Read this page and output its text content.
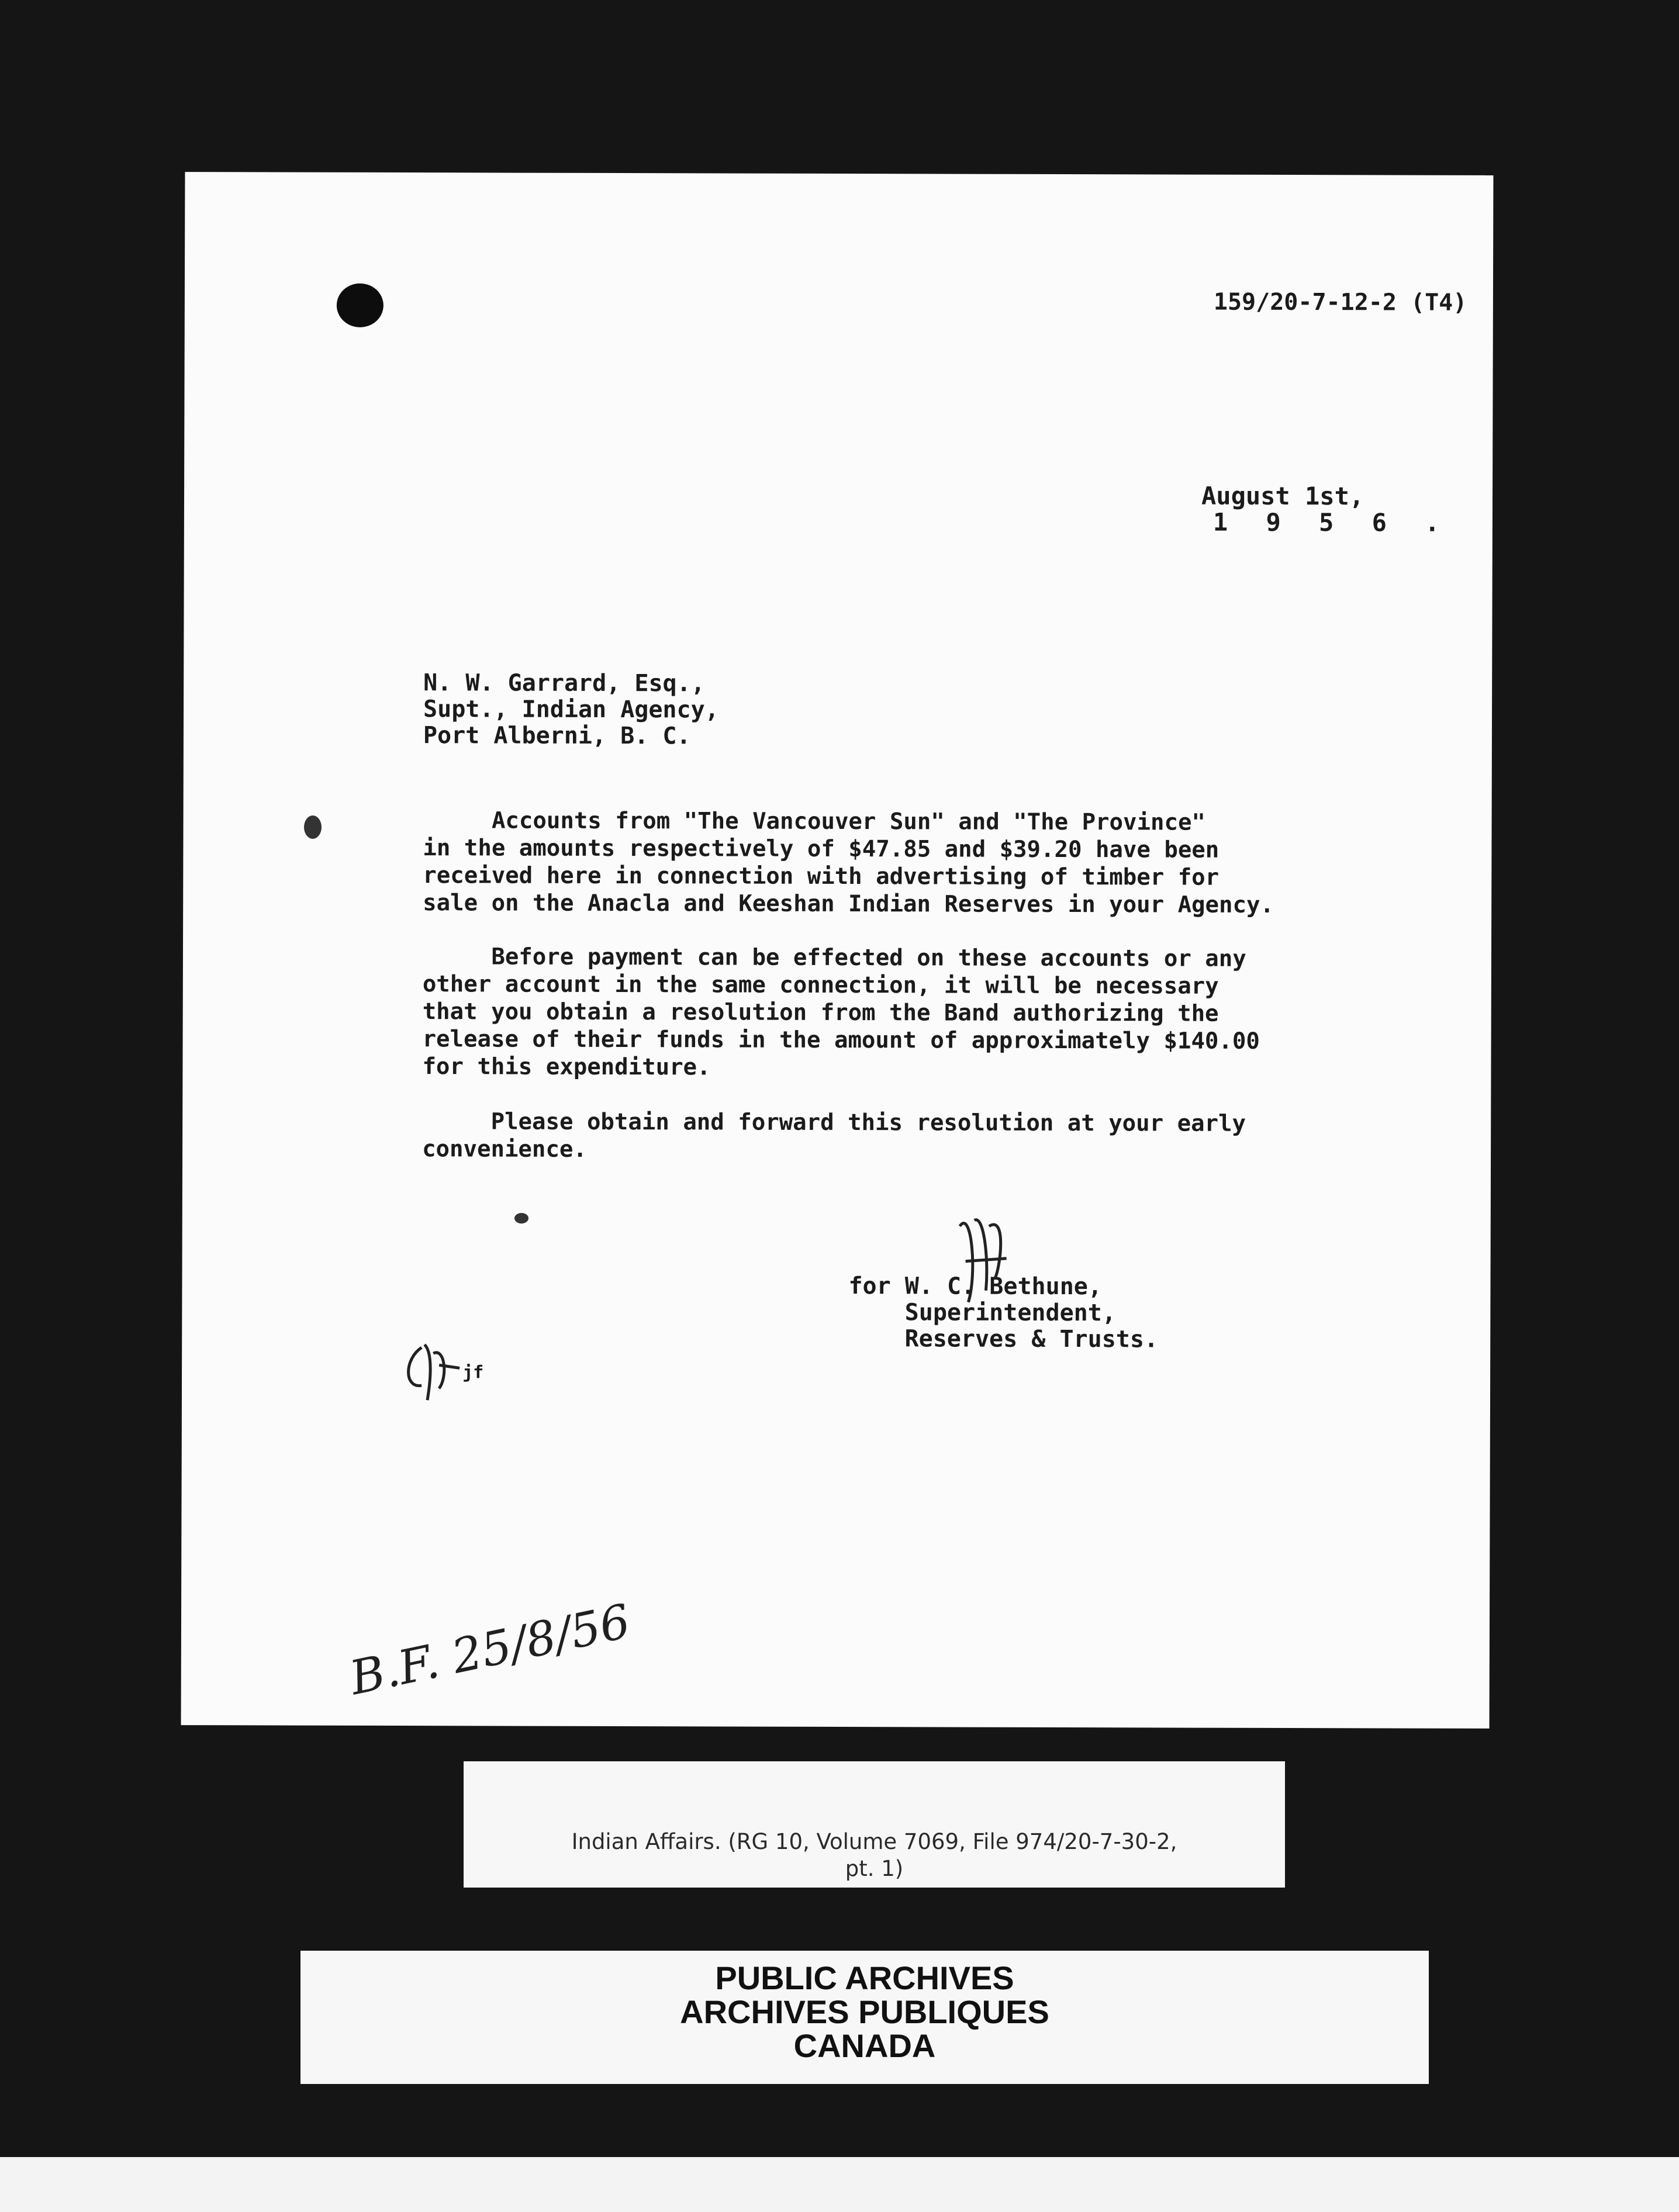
159/20-7-12-2 (T4)
August 1st,
1 9 5 6 .
N. W. Garrard, Esq.,
Supt., Indian Agency,
Port Alberni, B. C.
Accounts from "The Vancouver Sun" and "The Province"
in the amounts respectively of $47.85 and $39.20 have been
received here in connection with advertising of timber for
sale on the Anacla and Keeshan Indian Reserves in your Agency.
Before payment can be effected on these accounts or any
other account in the same connection, it will be necessary
that you obtain a resolution from the Band authorizing the
release of their funds in the amount of approximately $140.00
for this expenditure.
Please obtain and forward this resolution at your early
convenience.
for W. C. Bethune,
Superintendent,
Reserves & Trusts.
jf
B.F. 25/8/56
Indian Affairs. (RG 10, Volume 7069, File 974/20-7-30-2,
pt. 1)
PUBLIC ARCHIVES
ARCHIVES PUBLIQUES
CANADA
